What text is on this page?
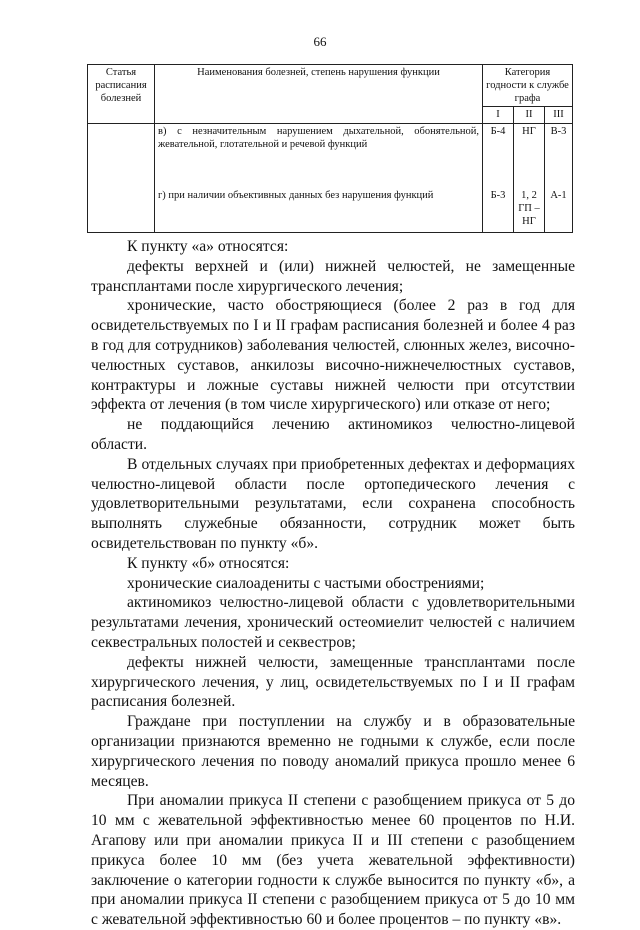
66
Статья расписания болезней	Наименования болезней, степень нарушения функции	Категория годности к службе
графа		
		I	II	III
	в) с незначительным нарушением дыхательной, обонятельной, жевательной, глотательной и речевой функций	Б-4	НГ	В-3
	г) при наличии объективных данных без нарушения функций	Б-3	1, 2 ГП – НГ	А-1

К пункту «а» относятся:

дефекты верхней и (или) нижней челюстей, не замещенные трансплантами после хирургического лечения;

хронические, часто обостряющиеся (более 2 раз в год для освидетельствуемых по I и II графам расписания болезней и более 4 раз в год для сотрудников) заболевания челюстей, слюнных желез, височно-челюстных суставов, анкилозы височно-нижнечелюстных суставов, контрактуры и ложные суставы нижней челюсти при отсутствии эффекта от лечения (в том числе хирургического) или отказе от него;

не поддающийся лечению актиномикоз челюстно-лицевой области.

В отдельных случаях при приобретенных дефектах и деформациях челюстно-лицевой области после ортопедического лечения с удовлетворительными результатами, если сохранена способность выполнять служебные обязанности, сотрудник может быть освидетельствован по пункту «б».

К пункту «б» относятся:

хронические сиалоадениты с частыми обострениями;

актиномикоз челюстно-лицевой области с удовлетворительными результатами лечения, хронический остеомиелит челюстей с наличием секвестральных полостей и секвестров;

дефекты нижней челюсти, замещенные трансплантами после хирургического лечения, у лиц, освидетельствуемых по I и II графам расписания болезней.

Граждане при поступлении на службу и в образовательные организации признаются временно не годными к службе, если после хирургического лечения по поводу аномалий прикуса прошло менее 6 месяцев.

При аномалии прикуса II степени с разобщением прикуса от 5 до 10 мм с жевательной эффективностью менее 60 процентов по Н.И. Агапову или при аномалии прикуса II и III степени с разобщением прикуса более 10 мм (без учета жевательной эффективности) заключение о категории годности к службе выносится по пункту «б», а при аномалии прикуса II степени с разобщением прикуса от 5 до 10 мм с жевательной эффективностью 60 и более процентов – по пункту «в».
